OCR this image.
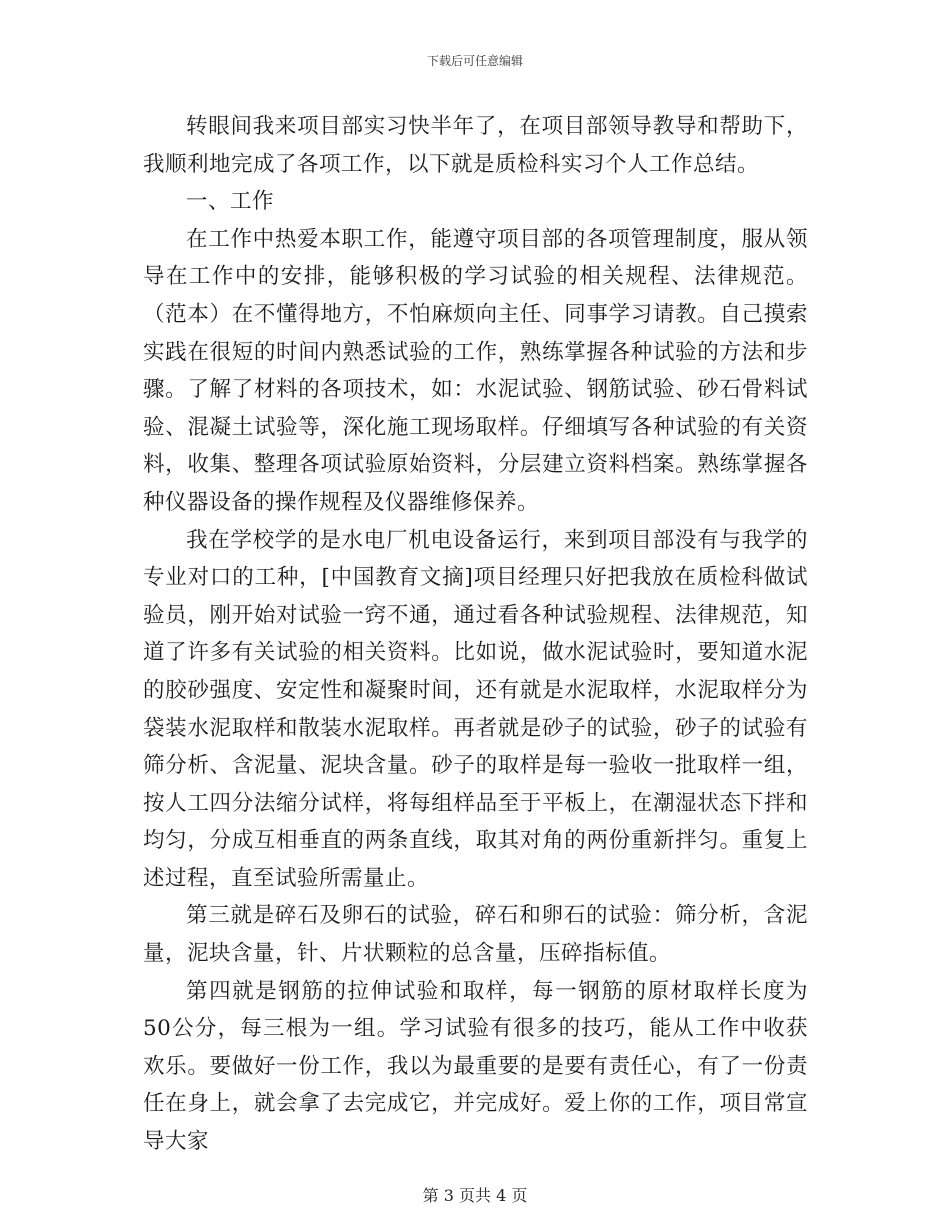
下载后可任意编辑

转眼间我来项目部实习快半年了，在项目部领导教导和帮助下，我顺利地完成了各项工作，以下就是质检科实习个人工作总结。

一、工作

在工作中热爱本职工作，能遵守项目部的各项管理制度，服从领导在工作中的安排，能够积极的学习试验的相关规程、法律规范。（范本）在不懂得地方，不怕麻烦向主任、同事学习请教。自己摸索实践在很短的时间内熟悉试验的工作，熟练掌握各种试验的方法和步骤。了解了材料的各项技术，如：水泥试验、钢筋试验、砂石骨料试验、混凝土试验等，深化施工现场取样。仔细填写各种试验的有关资料，收集、整理各项试验原始资料，分层建立资料档案。熟练掌握各种仪器设备的操作规程及仪器维修保养。

我在学校学的是水电厂机电设备运行，来到项目部没有与我学的专业对口的工种，[中国教育文摘]项目经理只好把我放在质检科做试验员，刚开始对试验一窍不通，通过看各种试验规程、法律规范，知道了许多有关试验的相关资料。比如说，做水泥试验时，要知道水泥的胶砂强度、安定性和凝聚时间，还有就是水泥取样，水泥取样分为袋装水泥取样和散装水泥取样。再者就是砂子的试验，砂子的试验有筛分析、含泥量、泥块含量。砂子的取样是每一验收一批取样一组，按人工四分法缩分试样，将每组样品至于平板上，在潮湿状态下拌和均匀，分成互相垂直的两条直线，取其对角的两份重新拌匀。重复上述过程，直至试验所需量止。

第三就是碎石及卵石的试验，碎石和卵石的试验：筛分析，含泥量，泥块含量，针、片状颗粒的总含量，压碎指标值。

第四就是钢筋的拉伸试验和取样，每一钢筋的原材取样长度为50公分，每三根为一组。学习试验有很多的技巧，能从工作中收获欢乐。要做好一份工作，我以为最重要的是要有责任心，有了一份责任在身上，就会拿了去完成它，并完成好。爱上你的工作，项目常宣导大家

第 3 页共 4 页
